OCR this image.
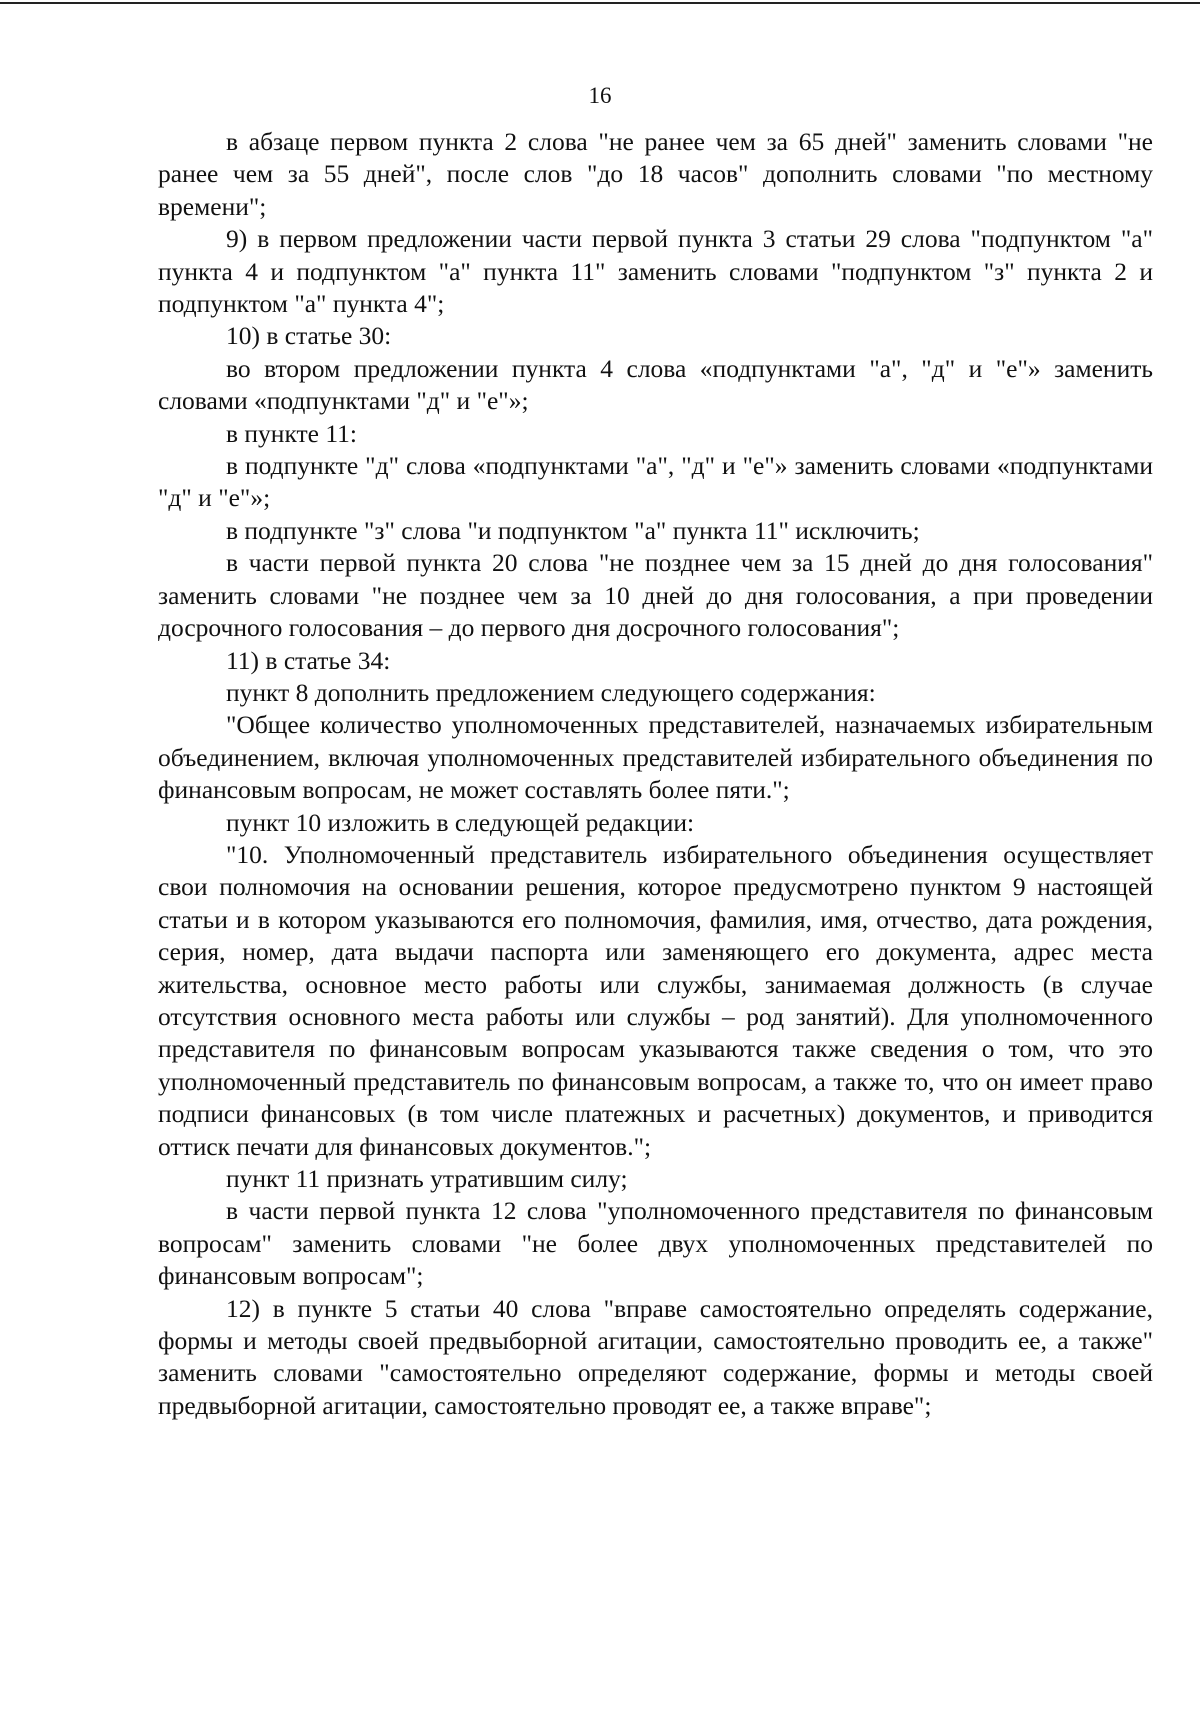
16

в абзаце первом пункта 2 слова "не ранее чем за 65 дней" заменить словами "не ранее чем за 55 дней", после слов "до 18 часов" дополнить словами "по местному времени";

9) в первом предложении части первой пункта 3 статьи 29 слова "подпунктом "а" пункта 4 и подпунктом "а" пункта 11" заменить словами "подпунктом "з" пункта 2 и подпунктом "а" пункта 4";

10) в статье 30:

во втором предложении пункта 4 слова «подпунктами "а", "д" и "е"» заменить словами «подпунктами "д" и "е"»;

в пункте 11:

в подпункте "д" слова «подпунктами "а", "д" и "е"» заменить словами «подпунктами "д" и "е"»;

в подпункте "з" слова "и подпунктом "а" пункта 11" исключить;

в части первой пункта 20 слова "не позднее чем за 15 дней до дня голосования" заменить словами "не позднее чем за 10 дней до дня голосования, а при проведении досрочного голосования – до первого дня досрочного голосования";

11) в статье 34:

пункт 8 дополнить предложением следующего содержания:

"Общее количество уполномоченных представителей, назначаемых избирательным объединением, включая уполномоченных представителей избирательного объединения по финансовым вопросам, не может составлять более пяти.";

пункт 10 изложить в следующей редакции:

"10. Уполномоченный представитель избирательного объединения осуществляет свои полномочия на основании решения, которое предусмотрено пунктом 9 настоящей статьи и в котором указываются его полномочия, фамилия, имя, отчество, дата рождения, серия, номер, дата выдачи паспорта или заменяющего его документа, адрес места жительства, основное место работы или службы, занимаемая должность (в случае отсутствия основного места работы или службы – род занятий). Для уполномоченного представителя по финансовым вопросам указываются также сведения о том, что это уполномоченный представитель по финансовым вопросам, а также то, что он имеет право подписи финансовых (в том числе платежных и расчетных) документов, и приводится оттиск печати для финансовых документов.";

пункт 11 признать утратившим силу;

в части первой пункта 12 слова "уполномоченного представителя по финансовым вопросам" заменить словами "не более двух уполномоченных представителей по финансовым вопросам";

12) в пункте 5 статьи 40 слова "вправе самостоятельно определять содержание, формы и методы своей предвыборной агитации, самостоятельно проводить ее, а также" заменить словами "самостоятельно определяют содержание, формы и методы своей предвыборной агитации, самостоятельно проводят ее, а также вправе";
